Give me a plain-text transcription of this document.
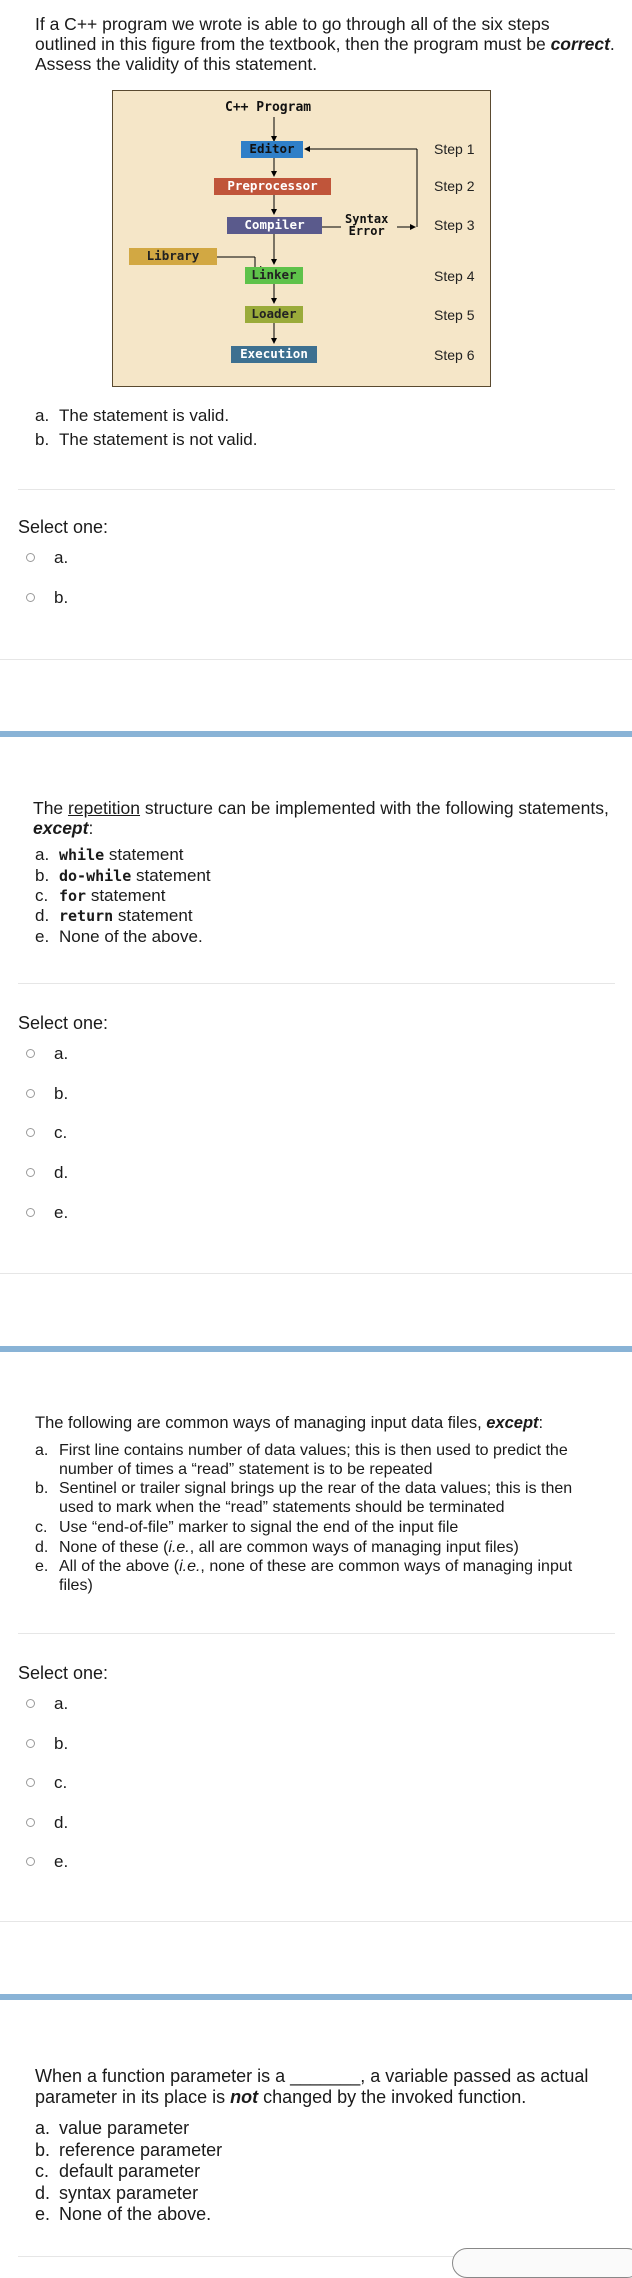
If a C++ program we wrote is able to go through all of the six steps outlined in this figure from the textbook, then the program must be correct. Assess the validity of this statement.
C++ Program
Editor
Preprocessor
Compiler
Library
Linker
Loader
Execution
Syntax
Error
Step 1
Step 2
Step 3
Step 4
Step 5
Step 6
a. The statement is valid.
b. The statement is not valid.
Select one:
a.
b.
The repetition structure can be implemented with the following statements, except:
a. while statement
b. do-while statement
c. for statement
d. return statement
e. None of the above.
Select one:
a.
b.
c.
d.
e.
The following are common ways of managing input data files, except:
a. First line contains number of data values; this is then used to predict the
number of times a “read” statement is to be repeated
b. Sentinel or trailer signal brings up the rear of the data values; this is then
used to mark when the “read” statements should be terminated
c. Use “end-of-file” marker to signal the end of the input file
d. None of these (i.e., all are common ways of managing input files)
e. All of the above (i.e., none of these are common ways of managing input
files)
Select one:
a.
b.
c.
d.
e.
When a function parameter is a _______, a variable passed as actual
parameter in its place is not changed by the invoked function.
a. value parameter
b. reference parameter
c. default parameter
d. syntax parameter
e. None of the above.
